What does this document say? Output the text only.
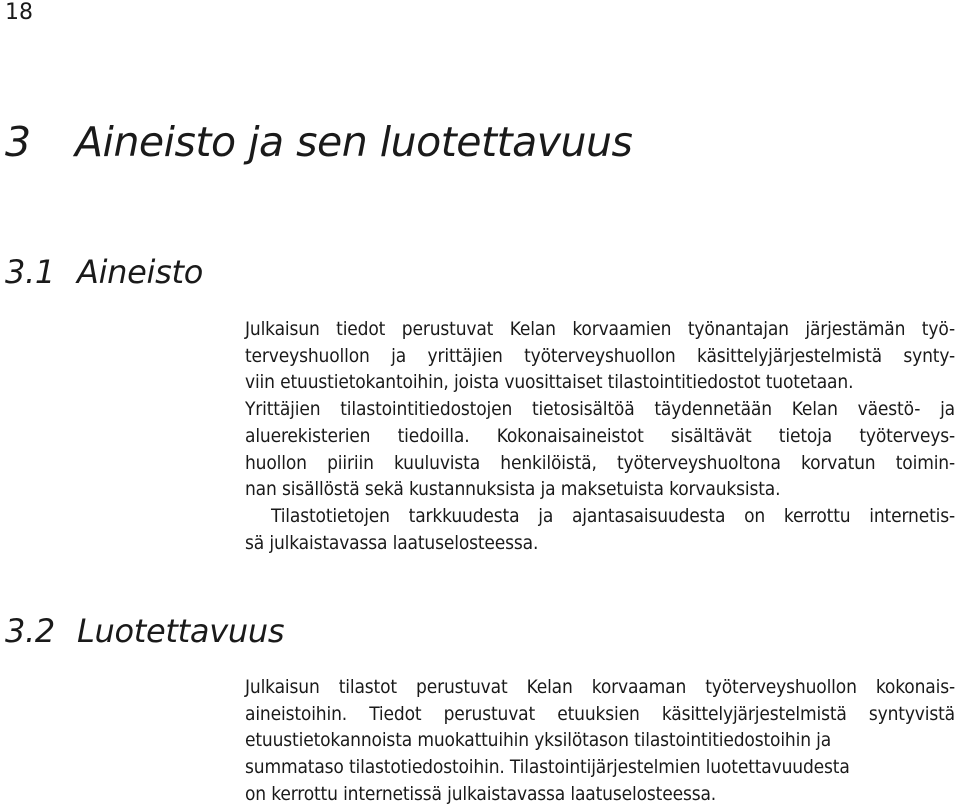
18
3 Aineisto ja sen luotettavuus
3.1 Aineisto
Julkaisun tiedot perustuvat Kelan korvaamien työnantajan järjestämän työ-
terveyshuollon ja yrittäjien työterveyshuollon käsittelyjärjestelmistä synty-
viin etuustietokantoihin, joista vuosittaiset tilastointitiedostot tuotetaan.
Yrittäjien tilastointitiedostojen tietosisältöä täydennetään Kelan väestö- ja
aluerekisterien tiedoilla. Kokonaisaineistot sisältävät tietoja työterveys-
huollon piiriin kuuluvista henkilöistä, työterveyshuoltona korvatun toimin-
nan sisällöstä sekä kustannuksista ja maksetuista korvauksista.
Tilastotietojen tarkkuudesta ja ajantasaisuudesta on kerrottu internetis-
sä julkaistavassa laatuselosteessa.
3.2 Luotettavuus
Julkaisun tilastot perustuvat Kelan korvaaman työterveyshuollon kokonais-
aineistoihin. Tiedot perustuvat etuuksien käsittelyjärjestelmistä syntyvistä
etuustietokannoista muokattuihin yksilötason tilastointitiedostoihin ja
summataso tilastotiedostoihin. Tilastointijärjestelmien luotettavuudesta
on kerrottu internetissä julkaistavassa laatuselosteessa.
